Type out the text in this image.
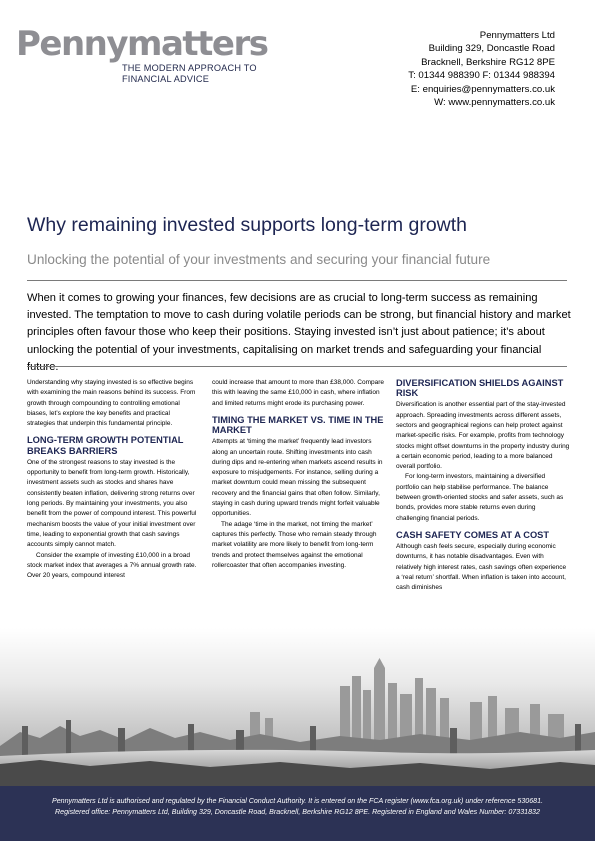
Pennymatters
THE MODERN APPROACH TO
FINANCIAL ADVICE
Pennymatters Ltd
Building 329, Doncastle Road
Bracknell, Berkshire RG12 8PE
T: 01344 988390 F: 01344 988394
E: enquiries@pennymatters.co.uk
W: www.pennymatters.co.uk
Why remaining invested supports long-term growth
Unlocking the potential of your investments and securing your financial future
When it comes to growing your finances, few decisions are as crucial to long-term success as remaining invested. The temptation to move to cash during volatile periods can be strong, but financial history and market principles often favour those who keep their positions. Staying invested isn’t just about patience; it’s about unlocking the potential of your investments, capitalising on market trends and safeguarding your financial future.

Understanding why staying invested is so effective begins with examining the main reasons behind its success. From growth through compounding to controlling emotional biases, let’s explore the key benefits and practical strategies that underpin this fundamental principle.

LONG-TERM GROWTH POTENTIAL BREAKS BARRIERS

One of the strongest reasons to stay invested is the opportunity to benefit from long-term growth. Historically, investment assets such as stocks and shares have consistently beaten inflation, delivering strong returns over long periods. By maintaining your investments, you also benefit from the power of compound interest. This powerful mechanism boosts the value of your initial investment over time, leading to exponential growth that cash savings accounts simply cannot match.

Consider the example of investing £10,000 in a broad stock market index that averages a 7% annual growth rate. Over 20 years, compound interest

could increase that amount to more than £38,000. Compare this with leaving the same £10,000 in cash, where inflation and limited returns might erode its purchasing power.

TIMING THE MARKET VS. TIME IN THE MARKET

Attempts at ‘timing the market’ frequently lead investors along an uncertain route. Shifting investments into cash during dips and re-entering when markets ascend results in exposure to misjudgements. For instance, selling during a market downturn could mean missing the subsequent recovery and the financial gains that often follow. Similarly, staying in cash during upward trends might forfeit valuable opportunities.

The adage ‘time in the market, not timing the market’ captures this perfectly. Those who remain steady through market volatility are more likely to benefit from long-term trends and protect themselves against the emotional rollercoaster that often accompanies investing.

DIVERSIFICATION SHIELDS AGAINST RISK

Diversification is another essential part of the stay-invested approach. Spreading investments across different assets, sectors and geographical regions can help protect against market-specific risks. For example, profits from technology stocks might offset downturns in the property industry during a certain economic period, leading to a more balanced overall portfolio.

For long-term investors, maintaining a diversified portfolio can help stabilise performance. The balance between growth-oriented stocks and safer assets, such as bonds, provides more stable returns even during challenging financial periods.

CASH SAFETY COMES AT A COST

Although cash feels secure, especially during economic downturns, it has notable disadvantages. Even with relatively high interest rates, cash savings often experience a ‘real return’ shortfall. When inflation is taken into account, cash diminishes

Pennymatters Ltd is authorised and regulated by the Financial Conduct Authority. It is entered on the FCA register (www.fca.org.uk) under reference 530681.
Registered office: Pennymatters Ltd, Building 329, Doncastle Road, Bracknell, Berkshire RG12 8PE. Registered in England and Wales Number: 07331832
